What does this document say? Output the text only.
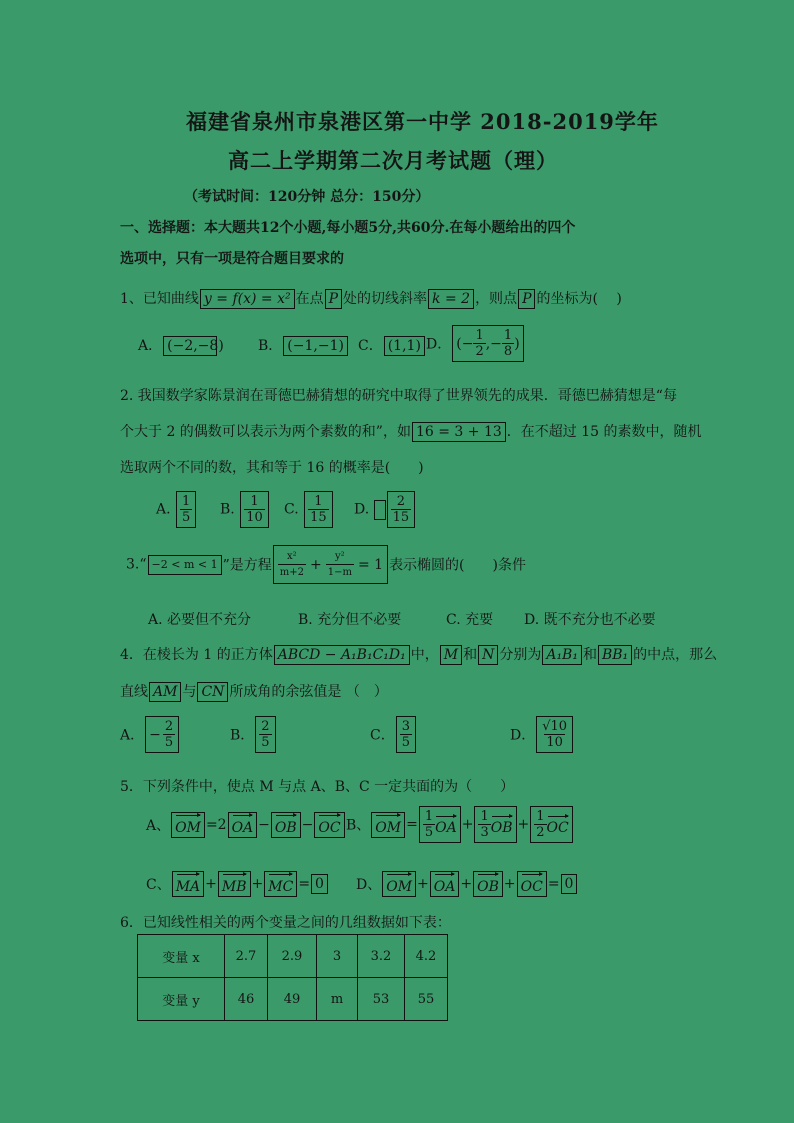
福建省泉州市泉港区第一中学 2018-2019学年
高二上学期第二次月考试题（理）
（考试时间：120分钟 总分：150分）
一、选择题：本大题共12个小题,每小题5分,共60分.在每小题给出的四个
选项中，只有一项是符合题目要求的
1、已知曲线 y = f(x) = x² 在点 P 处的切线斜率 k = 2 ，则点 P 的坐标为(　 )
A． (−2,−8) B． (−1,−1)	C． (1,1) D． (− $\frac{1}{2}$ ,− $\frac{1}{8}$ )
2. 我国数学家陈景润在哥德巴赫猜想的研究中取得了世界领先的成果．哥德巴赫猜想是“每
个大于 2 的偶数可以表示为两个素数的和”，如 16 = 3 + 13 ．在不超过 15 的素数中，随机
选取两个不同的数，其和等于 16 的概率是(　　)
A. $\frac{1}{5} B$. $\frac{1}{10} C$. $\frac{1}{15} D$. $\frac{2}{15}$
3.“ −2 < m < 1 ”是方程 $\frac{\text{x²}}{m+2} + \frac{\text{y²}}{1-m} = 1$ 表示椭圆的(　　)条件
A. 必要但不充分	B. 充分但不必要	C. 充要 D. 既不充分也不必要
4．在棱长为 1 的正方体 ABCD − A₁B₁C₁D₁ 中， M 和 N 分别为 A₁B₁ 和 BB₁ 的中点，那么
直线 AM 与 CN 所成角的余弦值是 （　）
A． − $\frac{2}{5}$	B． $\frac{2}{5}$	C． $\frac{3}{5}$	D． $\frac{√10}{10}$
5．下列条件中，使点 M 与点 A、B、C 一定共面的为（　　）
A、 OM =2 OA − OB − OC B、 OM = $\frac{1}{5}$ OA + $\frac{1}{3}$ OB + $\frac{1}{2}$ OC
C、 MA + MB + MC = 0	D、 OM + OA + OB + OC = 0
6．已知线性相关的两个变量之间的几组数据如下表：
变量 x	2.7	2.9	3	3.2	4.2
变量 y	46	49	m	53	55
